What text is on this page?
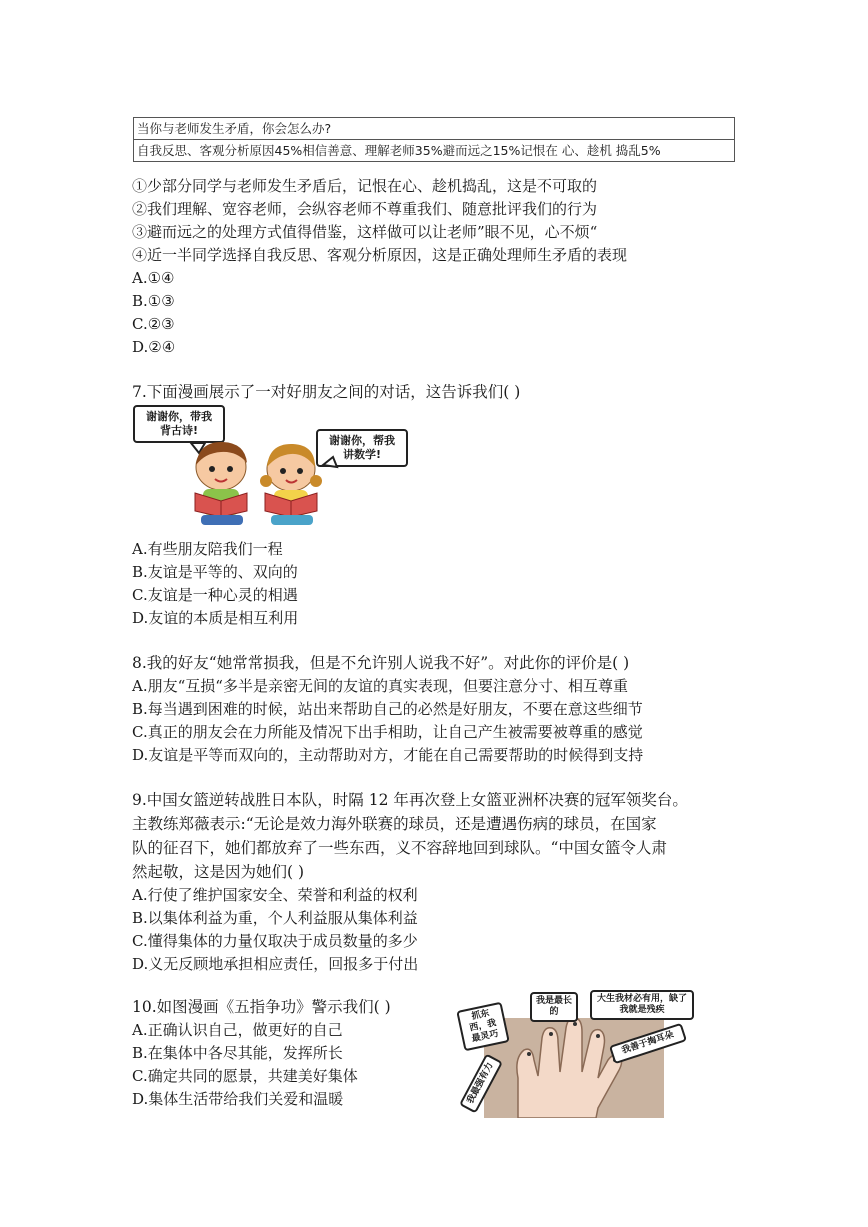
当你与老师发生矛盾，你会怎么办?
自我反思、客观分析原因45%相信善意、理解老师35%避而远之15%记恨在 心、趁机 捣乱5%
①少部分同学与老师发生矛盾后，记恨在心、趁机捣乱，这是不可取的
②我们理解、宽容老师，会纵容老师不尊重我们、随意批评我们的行为
③避而远之的处理方式值得借鉴，这样做可以让老师”眼不见，心不烦“
④近一半同学选择自我反思、客观分析原因，这是正确处理师生矛盾的表现
A.①④
B.①③
C.②③
D.②④
7.下面漫画展示了一对好朋友之间的对话，这告诉我们( )
谢谢你，带我背古诗!
谢谢你，帮我讲数学!
A.有些朋友陪我们一程
B.友谊是平等的、双向的
C.友谊是一种心灵的相遇
D.友谊的本质是相互利用
8.我的好友“她常常损我，但是不允许别人说我不好”。对此你的评价是( )
A.朋友“互损“多半是亲密无间的友谊的真实表现，但要注意分寸、相互尊重
B.每当遇到困难的时候，站出来帮助自己的必然是好朋友，不要在意这些细节
C.真正的朋友会在力所能及情况下出手相助，让自己产生被需要被尊重的感觉
D.友谊是平等而双向的，主动帮助对方，才能在自己需要帮助的时候得到支持
9.中国女篮逆转战胜日本队，时隔 12 年再次登上女篮亚洲杯决赛的冠军领奖台。
主教练郑薇表示:“无论是效力海外联赛的球员，还是遭遇伤病的球员，在国家
队的征召下，她们都放弃了一些东西，义不容辞地回到球队。“中国女篮令人肃
然起敬，这是因为她们( )
A.行使了维护国家安全、荣誉和利益的权利
B.以集体利益为重，个人利益服从集体利益
C.懂得集体的力量仅取决于成员数量的多少
D.义无反顾地承担相应责任，回报多于付出
10.如图漫画《五指争功》警示我们( )
A.正确认识自己，做更好的自己
B.在集体中各尽其能，发挥所长
C.确定共同的愿景，共建美好集体
D.集体生活带给我们关爱和温暖
抓东西，我最灵巧
我是最长的
大生我材必有用，缺了我就是残疾
我善于掏耳朵
我最强有力
